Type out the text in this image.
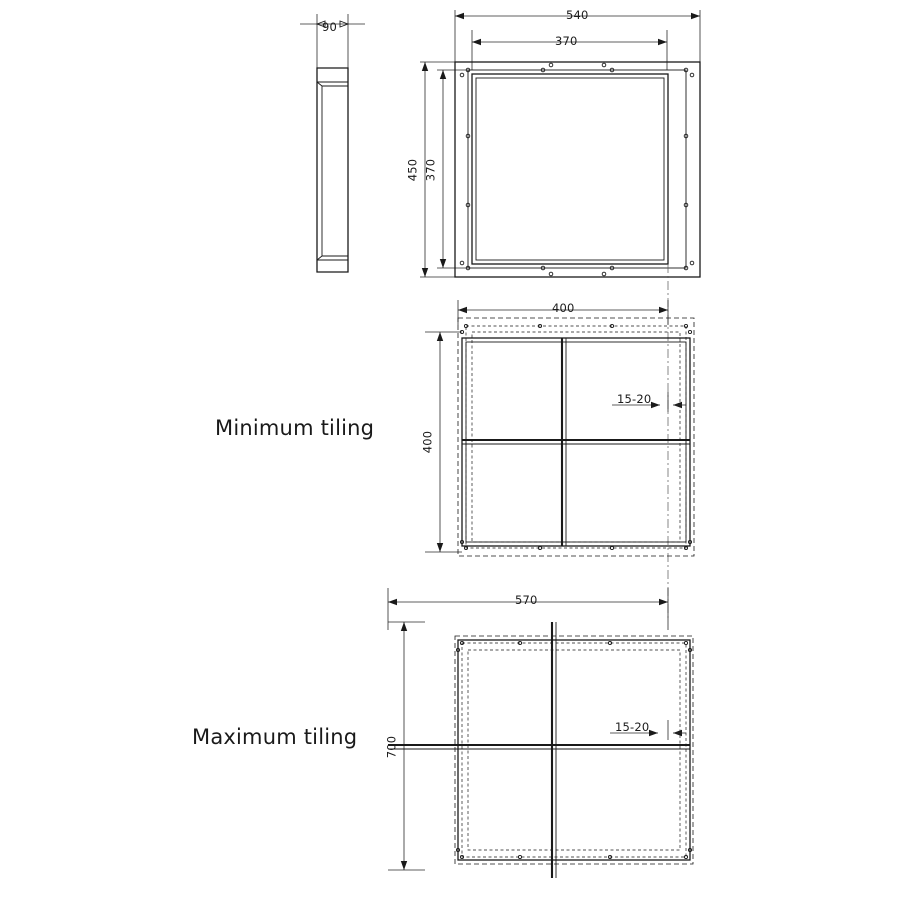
90
540
370
450 370
400
400
15-20
570
700
15-20
Minimum tiling
Maximum tiling
